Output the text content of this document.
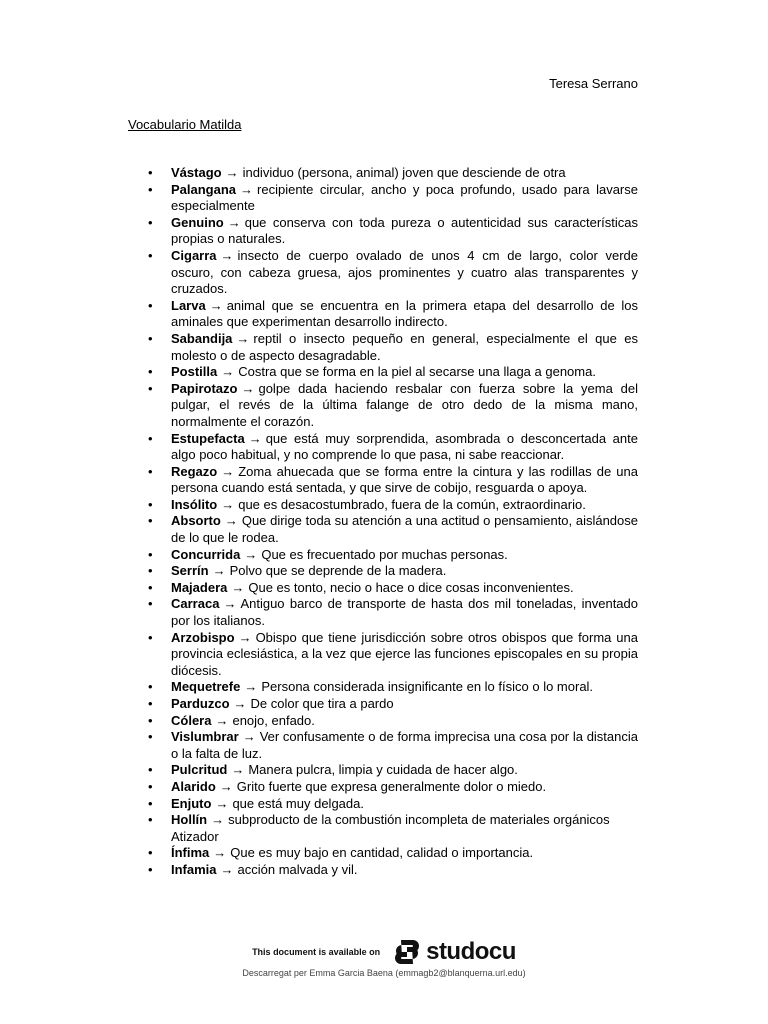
Teresa Serrano
Vocabulario Matilda
• Vástago → individuo (persona, animal) joven que desciende de otra
• Palangana → recipiente circular, ancho y poca profundo, usado para lavarse especialmente
• Genuino → que conserva con toda pureza o autenticidad sus características propias o naturales.
• Cigarra → insecto de cuerpo ovalado de unos 4 cm de largo, color verde oscuro, con cabeza gruesa, ajos prominentes y cuatro alas transparentes y cruzados.
• Larva → animal que se encuentra en la primera etapa del desarrollo de los aminales que experimentan desarrollo indirecto.
• Sabandija → reptil o insecto pequeño en general, especialmente el que es molesto o de aspecto desagradable.
• Postilla → Costra que se forma en la piel al secarse una llaga a genoma.
• Papirotazo → golpe dada haciendo resbalar con fuerza sobre la yema del pulgar, el revés de la última falange de otro dedo de la misma mano, normalmente el corazón.
• Estupefacta → que está muy sorprendida, asombrada o desconcertada ante algo poco habitual, y no comprende lo que pasa, ni sabe reaccionar.
• Regazo → Zoma ahuecada que se forma entre la cintura y las rodillas de una persona cuando está sentada, y que sirve de cobijo, resguarda o apoya.
• Insólito → que es desacostumbrado, fuera de la común, extraordinario.
• Absorto → Que dirige toda su atención a una actitud o pensamiento, aislándose de lo que le rodea.
• Concurrida → Que es frecuentado por muchas personas.
• Serrín → Polvo que se deprende de la madera.
• Majadera → Que es tonto, necio o hace o dice cosas inconvenientes.
• Carraca → Antiguo barco de transporte de hasta dos mil toneladas, inventado por los italianos.
• Arzobispo → Obispo que tiene jurisdicción sobre otros obispos que forma una provincia eclesiástica, a la vez que ejerce las funciones episcopales en su propia diócesis.
• Mequetrefe → Persona considerada insignificante en lo físico o lo moral.
• Parduzco → De color que tira a pardo
• Cólera → enojo, enfado.
• Vislumbrar → Ver confusamente o de forma imprecisa una cosa por la distancia o la falta de luz.
• Pulcritud → Manera pulcra, limpia y cuidada de hacer algo.
• Alarido → Grito fuerte que expresa generalmente dolor o miedo.
• Enjuto → que está muy delgada.
• Hollín → subproducto de la combustión incompleta de materiales orgánicos
Atizador
• Ínfima → Que es muy bajo en cantidad, calidad o importancia.
• Infamia → acción malvada y vil.
This document is available on studocu
Descarregat per Emma Garcia Baena (emmagb2@blanquerna.url.edu)
